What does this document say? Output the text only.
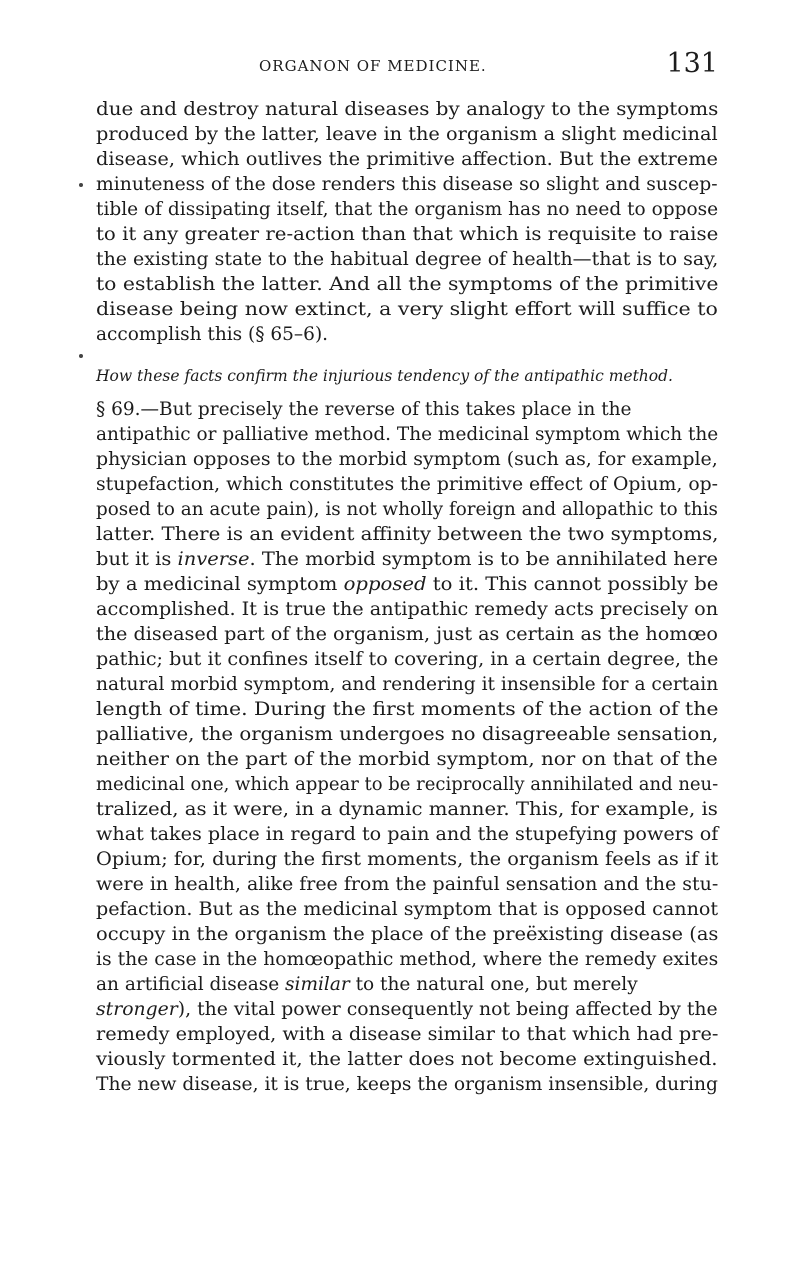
ORGANON OF MEDICINE.	131
due and destroy natural diseases by analogy to the symptoms
produced by the latter, leave in the organism a slight medicinal
disease, which outlives the primitive affection. But the extreme
minuteness of the dose renders this disease so slight and suscep-
tible of dissipating itself, that the organism has no need to oppose
to it any greater re-action than that which is requisite to raise
the existing state to the habitual degree of health—that is to say,
to establish the latter. And all the symptoms of the primitive
disease being now extinct, a very slight effort will suffice to
accomplish this (§ 65–6).
How these facts confirm the injurious tendency of the antipathic method.
§ 69.—But precisely the reverse of this takes place in the
antipathic or palliative method. The medicinal symptom which the
physician opposes to the morbid symptom (such as, for example,
stupefaction, which constitutes the primitive effect of Opium, op-
posed to an acute pain), is not wholly foreign and allopathic to this
latter. There is an evident affinity between the two symptoms,
but it is inverse. The morbid symptom is to be annihilated here
by a medicinal symptom opposed to it. This cannot possibly be
accomplished. It is true the antipathic remedy acts precisely on
the diseased part of the organism, just as certain as the homœo
pathic; but it confines itself to covering, in a certain degree, the
natural morbid symptom, and rendering it insensible for a certain
length of time. During the first moments of the action of the
palliative, the organism undergoes no disagreeable sensation,
neither on the part of the morbid symptom, nor on that of the
medicinal one, which appear to be reciprocally annihilated and neu-
tralized, as it were, in a dynamic manner. This, for example, is
what takes place in regard to pain and the stupefying powers of
Opium; for, during the first moments, the organism feels as if it
were in health, alike free from the painful sensation and the stu-
pefaction. But as the medicinal symptom that is opposed cannot
occupy in the organism the place of the preëxisting disease (as
is the case in the homœopathic method, where the remedy exites
an artificial disease similar to the natural one, but merely
stronger), the vital power consequently not being affected by the
remedy employed, with a disease similar to that which had pre-
viously tormented it, the latter does not become extinguished.
The new disease, it is true, keeps the organism insensible, during
